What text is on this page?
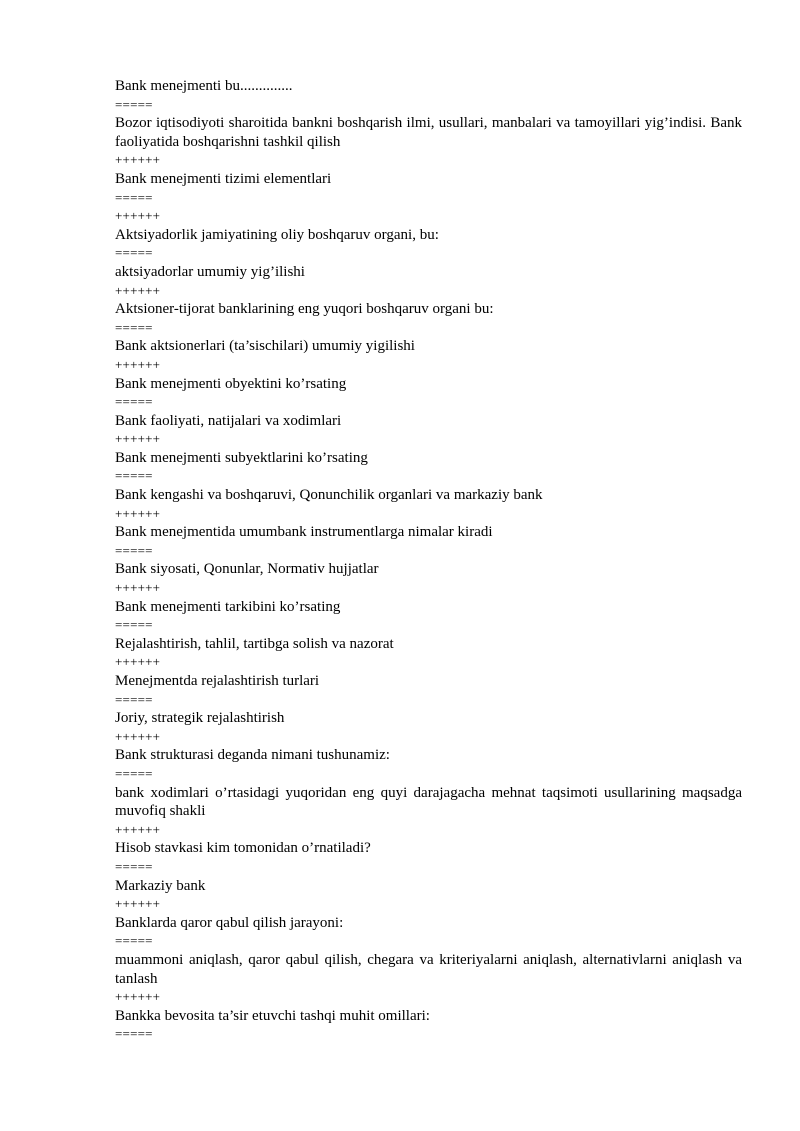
Bank menejmenti bu..............

=====

Bozor iqtisodiyoti sharoitida bankni boshqarish ilmi, usullari, manbalari va tamoyillari yig’indisi. Bank faoliyatida boshqarishni tashkil qilish

++++++

Bank menejmenti tizimi elementlari

=====

++++++

Aktsiyadorlik jamiyatining oliy boshqaruv organi, bu:

=====

aktsiyadorlar umumiy yig’ilishi

++++++

Aktsioner-tijorat banklarining eng yuqori boshqaruv organi bu:

=====

Bank aktsionerlari (ta’sischilari) umumiy yigilishi

++++++

Bank menejmenti obyektini ko’rsating

=====

Bank faoliyati, natijalari va xodimlari

++++++

Bank menejmenti subyektlarini ko’rsating

=====

Bank kengashi va boshqaruvi, Qonunchilik organlari va markaziy bank

++++++

Bank menejmentida umumbank instrumentlarga nimalar kiradi

=====

Bank siyosati, Qonunlar, Normativ hujjatlar

++++++

Bank menejmenti tarkibini ko’rsating

=====

Rejalashtirish, tahlil, tartibga solish va nazorat

++++++

Menejmentda rejalashtirish turlari

=====

Joriy, strategik rejalashtirish

++++++

Bank strukturasi deganda nimani tushunamiz:

=====

bank xodimlari o’rtasidagi yuqoridan eng quyi darajagacha mehnat taqsimoti usullarining maqsadga muvofiq shakli

++++++

Hisob stavkasi kim tomonidan o’rnatiladi?

=====

Markaziy bank

++++++

Banklarda qaror qabul qilish jarayoni:

=====

muammoni aniqlash, qaror qabul qilish, chegara va kriteriyalarni aniqlash, alternativlarni aniqlash va tanlash

++++++

Bankka bevosita ta’sir etuvchi tashqi muhit omillari:

=====
